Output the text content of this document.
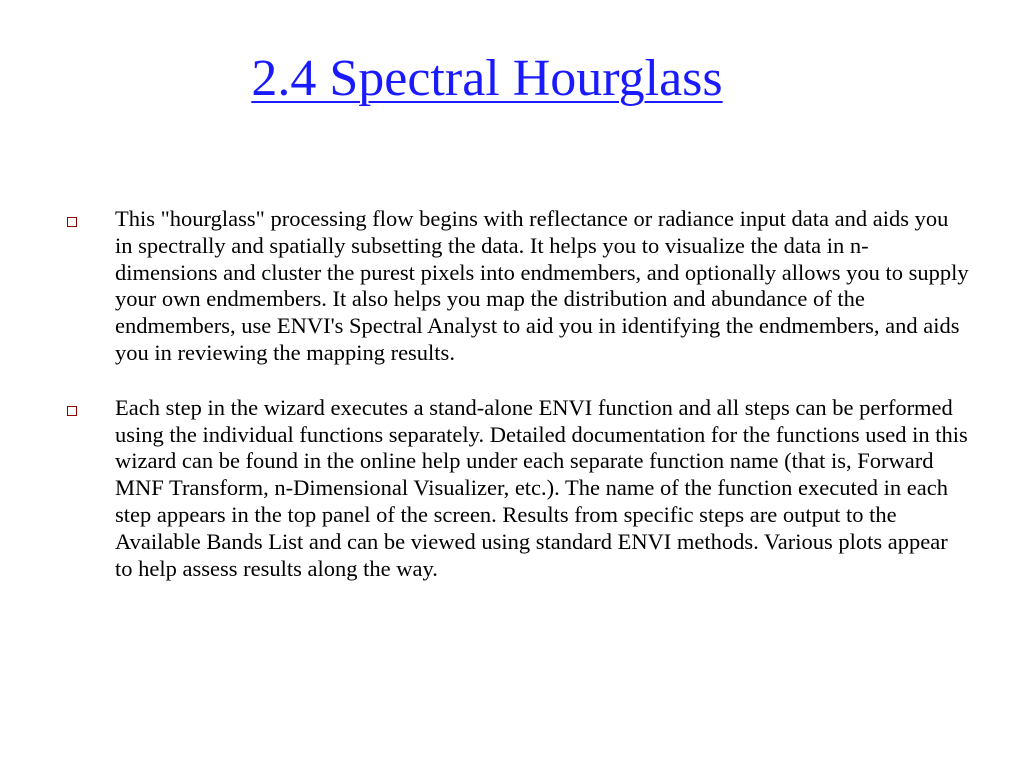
2.4 Spectral Hourglass
This "hourglass" processing flow begins with reflectance or radiance input data and aids you in spectrally and spatially subsetting the data. It helps you to visualize the data in n-dimensions and cluster the purest pixels into endmembers, and optionally allows you to supply your own endmembers. It also helps you map the distribution and abundance of the endmembers, use ENVI's Spectral Analyst to aid you in identifying the endmembers, and aids you in reviewing the mapping results.
Each step in the wizard executes a stand-alone ENVI function and all steps can be performed using the individual functions separately. Detailed documentation for the functions used in this wizard can be found in the online help under each separate function name (that is, Forward MNF Transform, n-Dimensional Visualizer, etc.). The name of the function executed in each step appears in the top panel of the screen. Results from specific steps are output to the Available Bands List and can be viewed using standard ENVI methods. Various plots appear to help assess results along the way.
